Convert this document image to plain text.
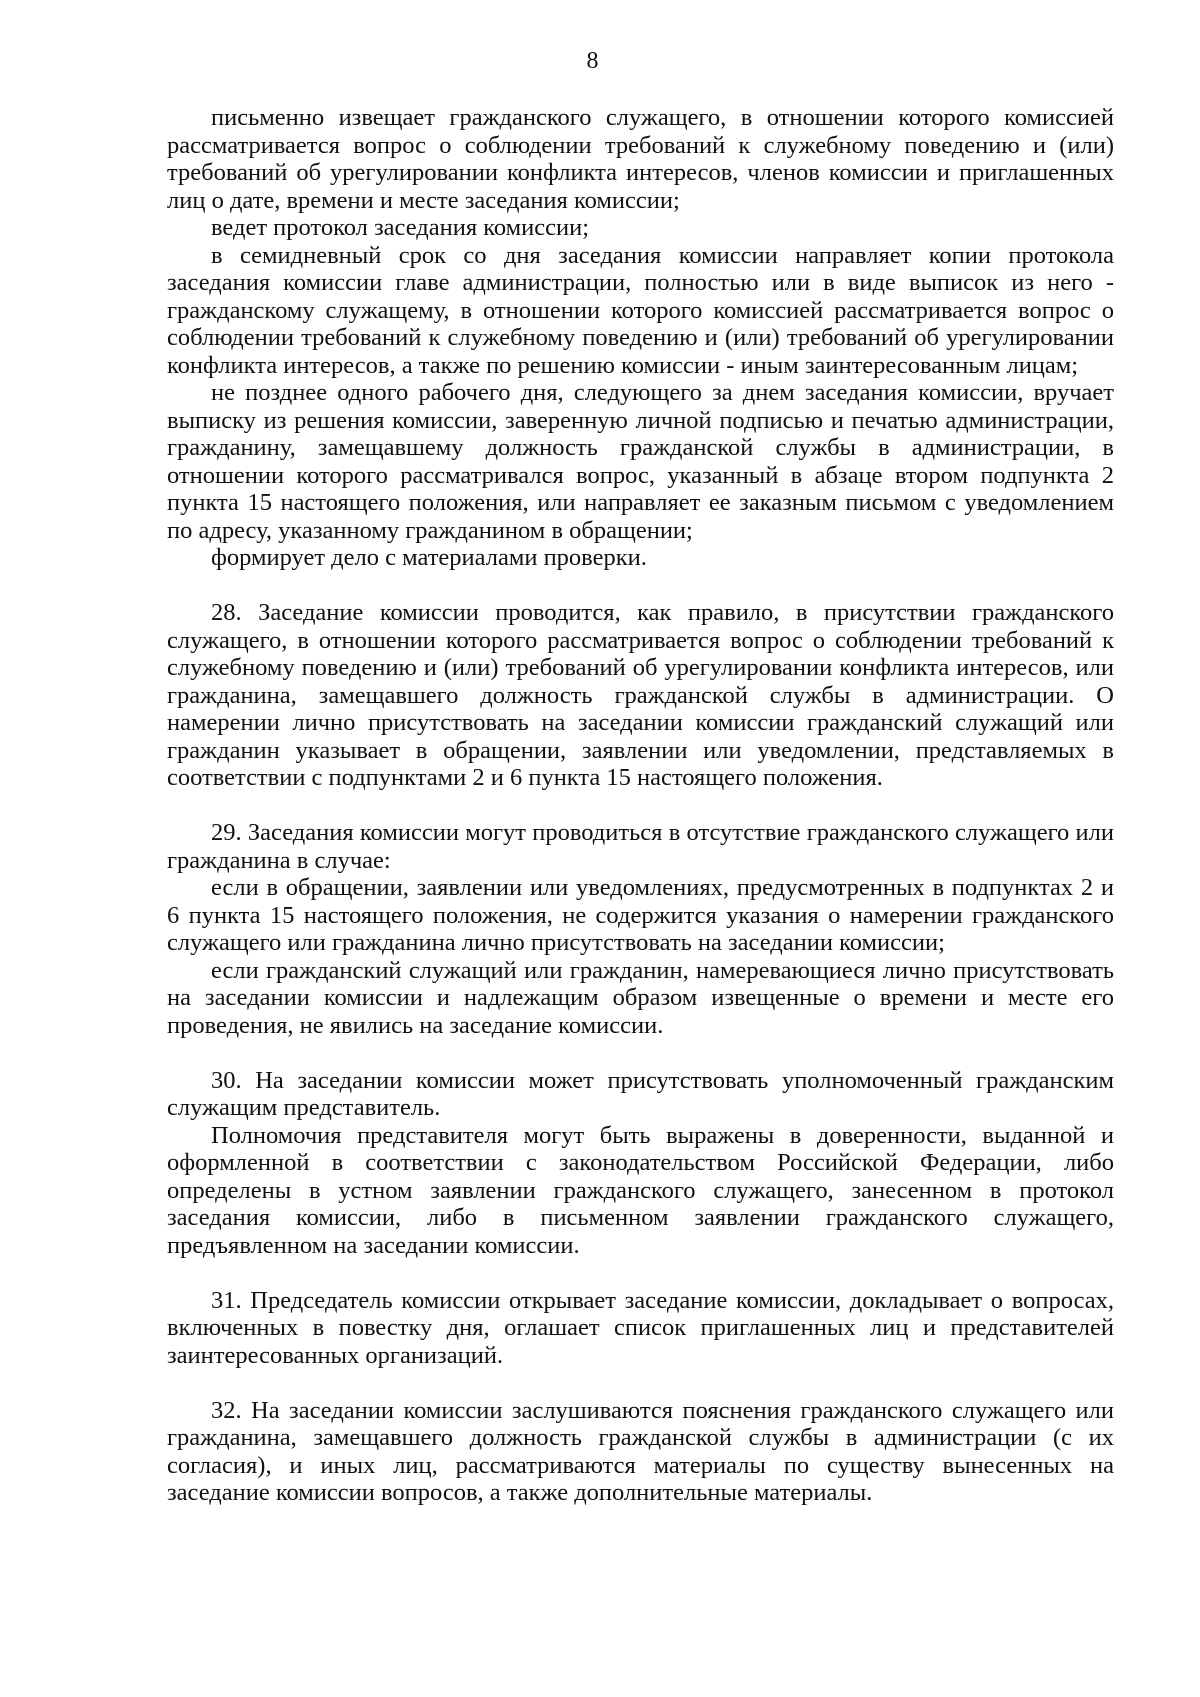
8

письменно извещает гражданского служащего, в отношении которого комиссией рассматривается вопрос о соблюдении требований к служебному поведению и (или) требований об урегулировании конфликта интересов, членов комиссии и приглашенных лиц о дате, времени и месте заседания комиссии;

ведет протокол заседания комиссии;

в семидневный срок со дня заседания комиссии направляет копии протокола заседания комиссии главе администрации, полностью или в виде выписок из него - гражданскому служащему, в отношении которого комиссией рассматривается вопрос о соблюдении требований к служебному поведению и (или) требований об урегулировании конфликта интересов, а также по решению комиссии - иным заинтересованным лицам;

не позднее одного рабочего дня, следующего за днем заседания комиссии, вручает выписку из решения комиссии, заверенную личной подписью и печатью администрации, гражданину, замещавшему должность гражданской службы в администрации, в отношении которого рассматривался вопрос, указанный в абзаце втором подпункта 2 пункта 15 настоящего положения, или направляет ее заказным письмом с уведомлением по адресу, указанному гражданином в обращении;

формирует дело с материалами проверки.

28. Заседание комиссии проводится, как правило, в присутствии гражданского служащего, в отношении которого рассматривается вопрос о соблюдении требований к служебному поведению и (или) требований об урегулировании конфликта интересов, или гражданина, замещавшего должность гражданской службы в администрации. О намерении лично присутствовать на заседании комиссии гражданский служащий или гражданин указывает в обращении, заявлении или уведомлении, представляемых в соответствии с подпунктами 2 и 6 пункта 15 настоящего положения.

29. Заседания комиссии могут проводиться в отсутствие гражданского служащего или гражданина в случае:

если в обращении, заявлении или уведомлениях, предусмотренных в подпунктах 2 и 6 пункта 15 настоящего положения, не содержится указания о намерении гражданского служащего или гражданина лично присутствовать на заседании комиссии;

если гражданский служащий или гражданин, намеревающиеся лично присутствовать на заседании комиссии и надлежащим образом извещенные о времени и месте его проведения, не явились на заседание комиссии.

30. На заседании комиссии может присутствовать уполномоченный гражданским служащим представитель.

Полномочия представителя могут быть выражены в доверенности, выданной и оформленной в соответствии с законодательством Российской Федерации, либо определены в устном заявлении гражданского служащего, занесенном в протокол заседания комиссии, либо в письменном заявлении гражданского служащего, предъявленном на заседании комиссии.

31. Председатель комиссии открывает заседание комиссии, докладывает о вопросах, включенных в повестку дня, оглашает список приглашенных лиц и представителей заинтересованных организаций.

32. На заседании комиссии заслушиваются пояснения гражданского служащего или гражданина, замещавшего должность гражданской службы в администрации (с их согласия), и иных лиц, рассматриваются материалы по существу вынесенных на заседание комиссии вопросов, а также дополнительные материалы.
